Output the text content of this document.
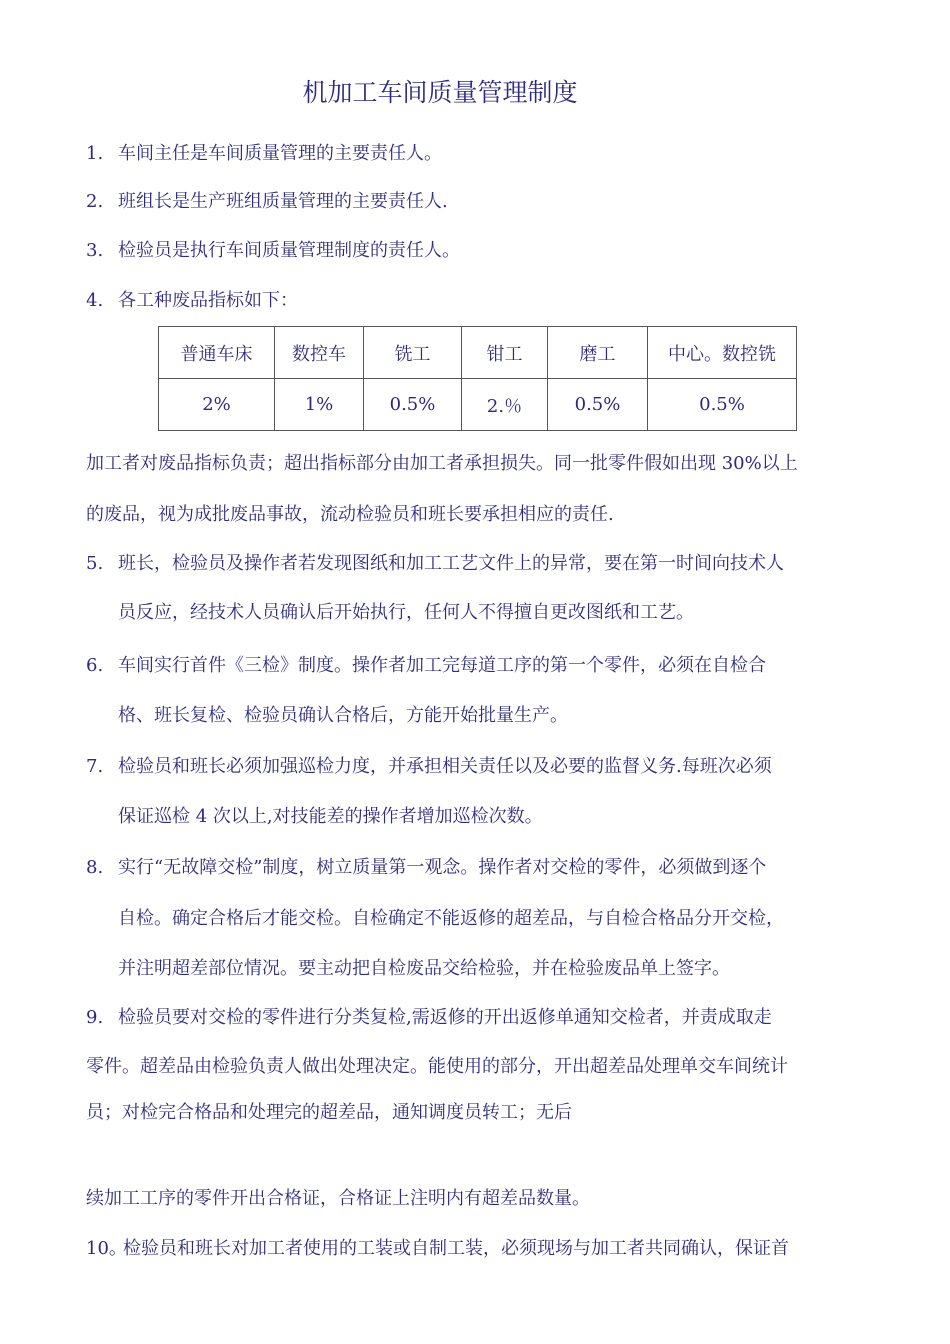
机加工车间质量管理制度
1. 车间主任是车间质量管理的主要责任人。
2. 班组长是生产班组质量管理的主要责任人.
3. 检验员是执行车间质量管理制度的责任人。
4. 各工种废品指标如下：
普通车床	数控车	铣工	钳工	磨工	中心。数控铣
2%	1%	0.5%	2.％	0.5%	0.5%
加工者对废品指标负责；超出指标部分由加工者承担损失。同一批零件假如出现 30%以上
的废品，视为成批废品事故，流动检验员和班长要承担相应的责任.
5. 班长，检验员及操作者若发现图纸和加工工艺文件上的异常，要在第一时间向技术人
员反应，经技术人员确认后开始执行，任何人不得擅自更改图纸和工艺。
6. 车间实行首件《三检》制度。操作者加工完每道工序的第一个零件，必须在自检合
格、班长复检、检验员确认合格后，方能开始批量生产。
7. 检验员和班长必须加强巡检力度，并承担相关责任以及必要的监督义务.每班次必须
保证巡检 4 次以上,对技能差的操作者增加巡检次数。
8. 实行“无故障交检”制度，树立质量第一观念。操作者对交检的零件，必须做到逐个
自检。确定合格后才能交检。自检确定不能返修的超差品，与自检合格品分开交检，
并注明超差部位情况。要主动把自检废品交给检验，并在检验废品单上签字。
9. 检验员要对交检的零件进行分类复检,需返修的开出返修单通知交检者，并责成取走
零件。超差品由检验负责人做出处理决定。能使用的部分，开出超差品处理单交车间统计
员；对检完合格品和处理完的超差品，通知调度员转工；无后
续加工工序的零件开出合格证，合格证上注明内有超差品数量。
10。检验员和班长对加工者使用的工装或自制工装，必须现场与加工者共同确认，保证首
